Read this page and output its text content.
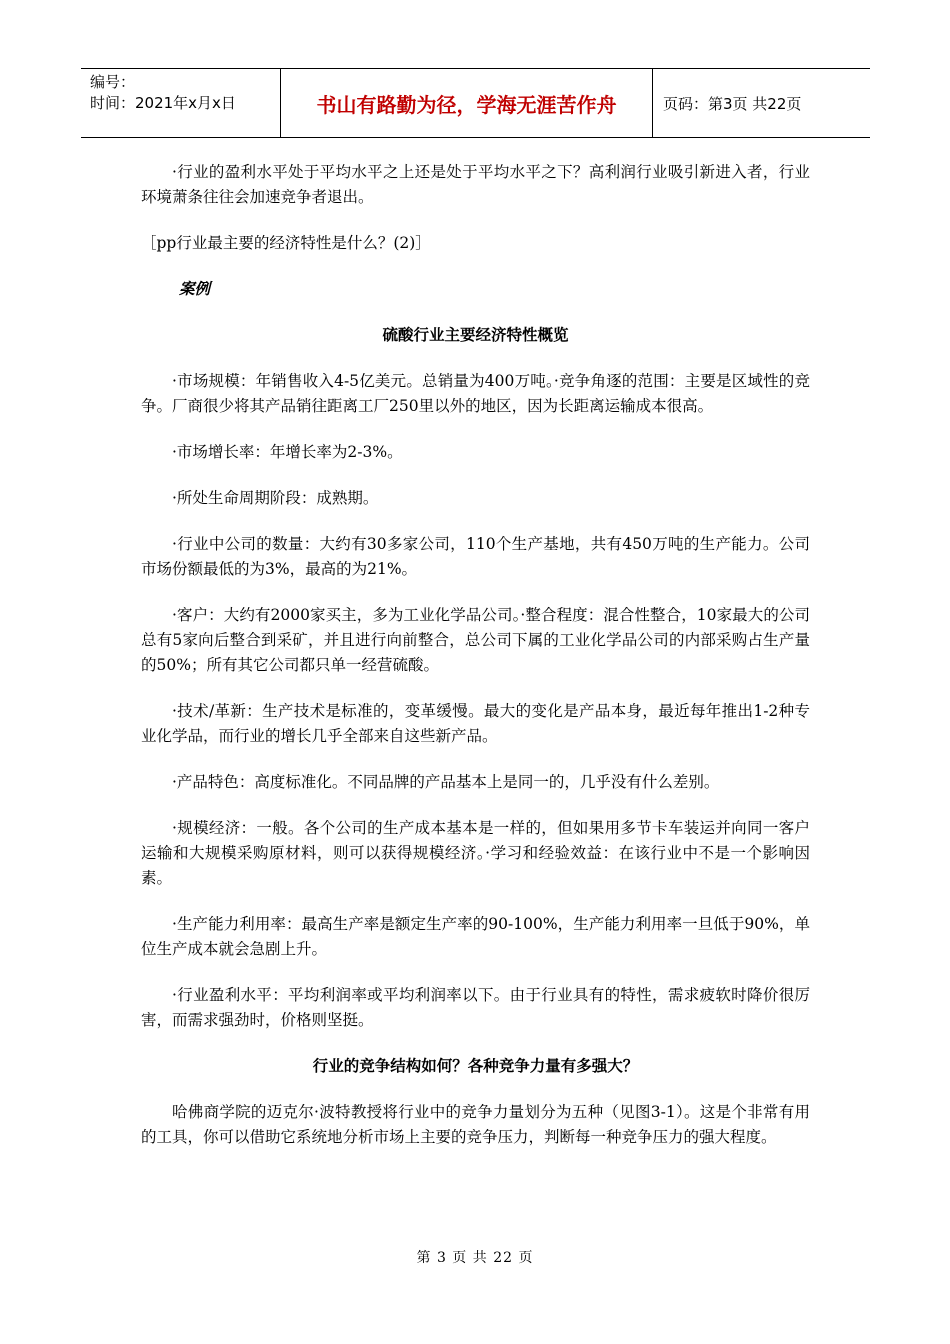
编号：
时间：2021年x月x日	书山有路勤为径，学海无涯苦作舟	页码：第3页 共22页

·行业的盈利水平处于平均水平之上还是处于平均水平之下？高利润行业吸引新进入者，行业环境萧条往往会加速竞争者退出。

［pp行业最主要的经济特性是什么？(2)］
案例
硫酸行业主要经济特性概览

·市场规模：年销售收入4-5亿美元。总销量为400万吨。·竞争角逐的范围：主要是区域性的竞争。厂商很少将其产品销往距离工厂250里以外的地区，因为长距离运输成本很高。

·市场增长率：年增长率为2-3%。

·所处生命周期阶段：成熟期。

·行业中公司的数量：大约有30多家公司，110个生产基地，共有450万吨的生产能力。公司市场份额最低的为3%，最高的为21%。

·客户：大约有2000家买主，多为工业化学品公司。·整合程度：混合性整合，10家最大的公司总有5家向后整合到采矿，并且进行向前整合，总公司下属的工业化学品公司的内部采购占生产量的50%；所有其它公司都只单一经营硫酸。

·技术/革新：生产技术是标准的，变革缓慢。最大的变化是产品本身，最近每年推出1-2种专业化学品，而行业的增长几乎全部来自这些新产品。

·产品特色：高度标准化。不同品牌的产品基本上是同一的，几乎没有什么差别。

·规模经济：一般。各个公司的生产成本基本是一样的，但如果用多节卡车装运并向同一客户运输和大规模采购原材料，则可以获得规模经济。·学习和经验效益：在该行业中不是一个影响因素。

·生产能力利用率：最高生产率是额定生产率的90-100%，生产能力利用率一旦低于90%，单位生产成本就会急剧上升。

·行业盈利水平：平均利润率或平均利润率以下。由于行业具有的特性，需求疲软时降价很厉害，而需求强劲时，价格则坚挺。

行业的竞争结构如何？各种竞争力量有多强大？

哈佛商学院的迈克尔·波特教授将行业中的竞争力量划分为五种（见图3-1）。这是个非常有用的工具，你可以借助它系统地分析市场上主要的竞争压力，判断每一种竞争压力的强大程度。

第 3 页 共 22 页
